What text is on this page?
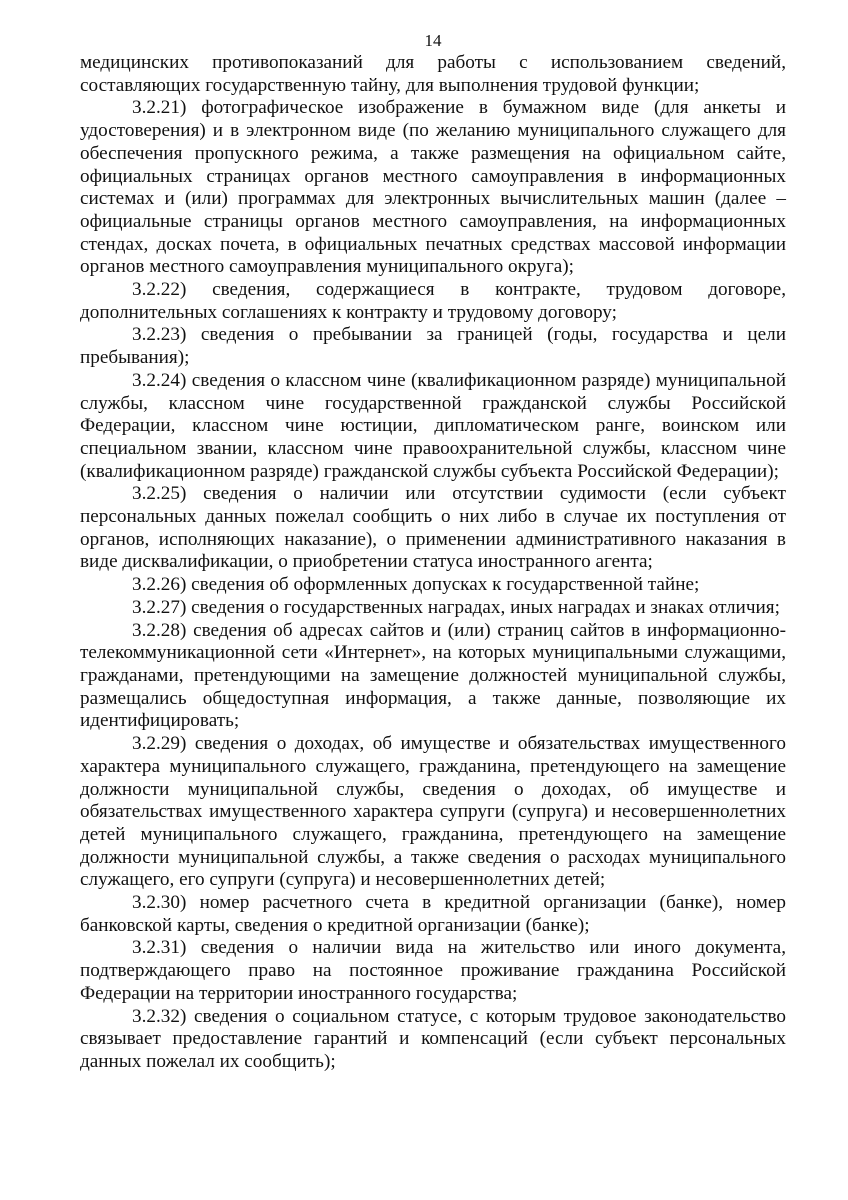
14

медицинских противопоказаний для работы с использованием сведений, составляющих государственную тайну, для выполнения трудовой функции;

3.2.21) фотографическое изображение в бумажном виде (для анкеты и удостоверения) и в электронном виде (по желанию муниципального служащего для обеспечения пропускного режима, а также размещения на официальном сайте, официальных страницах органов местного самоуправления в информационных системах и (или) программах для электронных вычислительных машин (далее – официальные страницы органов местного самоуправления, на информационных стендах, досках почета, в официальных печатных средствах массовой информации органов местного самоуправления муниципального округа);

3.2.22) сведения, содержащиеся в контракте, трудовом договоре, дополнительных соглашениях к контракту и трудовому договору;

3.2.23) сведения о пребывании за границей (годы, государства и цели пребывания);

3.2.24) сведения о классном чине (квалификационном разряде) муниципальной службы, классном чине государственной гражданской службы Российской Федерации, классном чине юстиции, дипломатическом ранге, воинском или специальном звании, классном чине правоохранительной службы, классном чине (квалификационном разряде) гражданской службы субъекта Российской Федерации);

3.2.25) сведения о наличии или отсутствии судимости (если субъект персональных данных пожелал сообщить о них либо в случае их поступления от органов, исполняющих наказание), о применении административного наказания в виде дисквалификации, о приобретении статуса иностранного агента;

3.2.26) сведения об оформленных допусках к государственной тайне;

3.2.27) сведения о государственных наградах, иных наградах и знаках отличия;

3.2.28) сведения об адресах сайтов и (или) страниц сайтов в информационно-телекоммуникационной сети «Интернет», на которых муниципальными служащими, гражданами, претендующими на замещение должностей муниципальной службы, размещались общедоступная информация, а также данные, позволяющие их идентифицировать;

3.2.29) сведения о доходах, об имуществе и обязательствах имущественного характера муниципального служащего, гражданина, претендующего на замещение должности муниципальной службы, сведения о доходах, об имуществе и обязательствах имущественного характера супруги (супруга) и несовершеннолетних детей муниципального служащего, гражданина, претендующего на замещение должности муниципальной службы, а также сведения о расходах муниципального служащего, его супруги (супруга) и несовершеннолетних детей;

3.2.30) номер расчетного счета в кредитной организации (банке), номер банковской карты, сведения о кредитной организации (банке);

3.2.31) сведения о наличии вида на жительство или иного документа, подтверждающего право на постоянное проживание гражданина Российской Федерации на территории иностранного государства;

3.2.32) сведения о социальном статусе, с которым трудовое законодательство связывает предоставление гарантий и компенсаций (если субъект персональных данных пожелал их сообщить);
